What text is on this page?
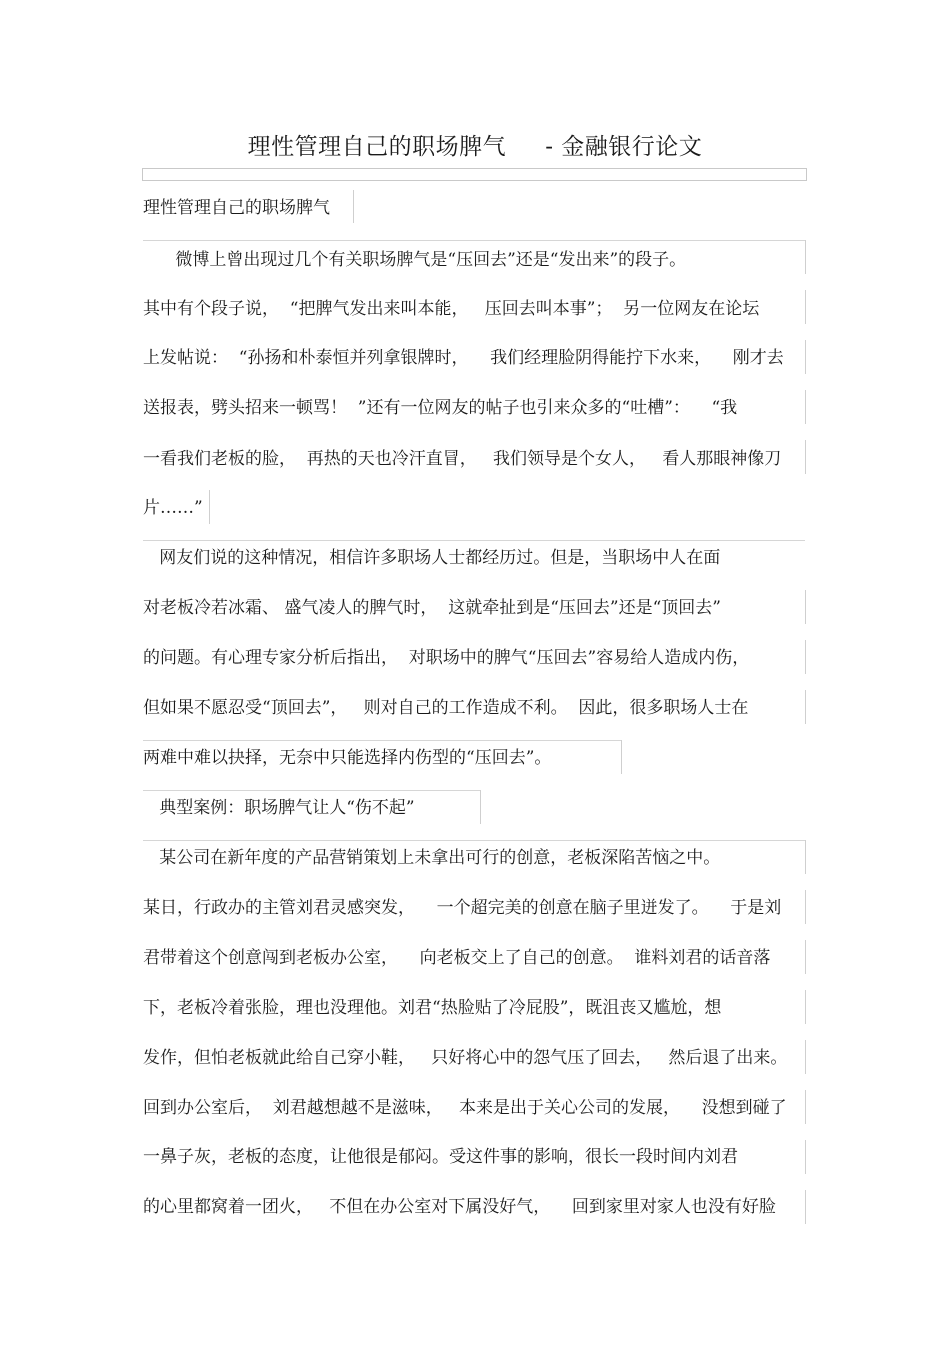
理性管理自己的职场脾气     - 金融银行论文
理性管理自己的职场脾气
微博上曾出现过几个有关职场脾气是“压回去”还是“发出来”的段子。
其中有个段子说，  “把脾气发出来叫本能，   压回去叫本事”；  另一位网友在论坛
上发帖说：  “孙扬和朴泰恒并列拿银牌时，    我们经理脸阴得能拧下水来，    刚才去
送报表，劈头招来一顿骂！  ”还有一位网友的帖子也引来众多的“吐槽”：    “我
一看我们老板的脸，  再热的天也冷汗直冒，   我们领导是个女人，   看人那眼神像刀
片……”
网友们说的这种情况，相信许多职场人士都经历过。但是，当职场中人在面
对老板冷若冰霜、 盛气凌人的脾气时，  这就牵扯到是“压回去”还是“顶回去”
的问题。有心理专家分析后指出，  对职场中的脾气“压回去”容易给人造成内伤，
但如果不愿忍受“顶回去”，   则对自己的工作造成不利。  因此，很多职场人士在
两难中难以抉择，无奈中只能选择内伤型的“压回去”。
典型案例：职场脾气让人“伤不起”
某公司在新年度的产品营销策划上未拿出可行的创意，老板深陷苦恼之中。
某日，行政办的主管刘君灵感突发，    一个超完美的创意在脑子里迸发了。    于是刘
君带着这个创意闯到老板办公室，    向老板交上了自己的创意。  谁料刘君的话音落
下，老板冷着张脸，理也没理他。刘君“热脸贴了冷屁股”，既沮丧又尴尬，想
发作，但怕老板就此给自己穿小鞋，   只好将心中的怨气压了回去，   然后退了出来。
回到办公室后，  刘君越想越不是滋味，   本来是出于关心公司的发展，    没想到碰了
一鼻子灰，老板的态度，让他很是郁闷。受这件事的影响，很长一段时间内刘君
的心里都窝着一团火，   不但在办公室对下属没好气，    回到家里对家人也没有好脸
